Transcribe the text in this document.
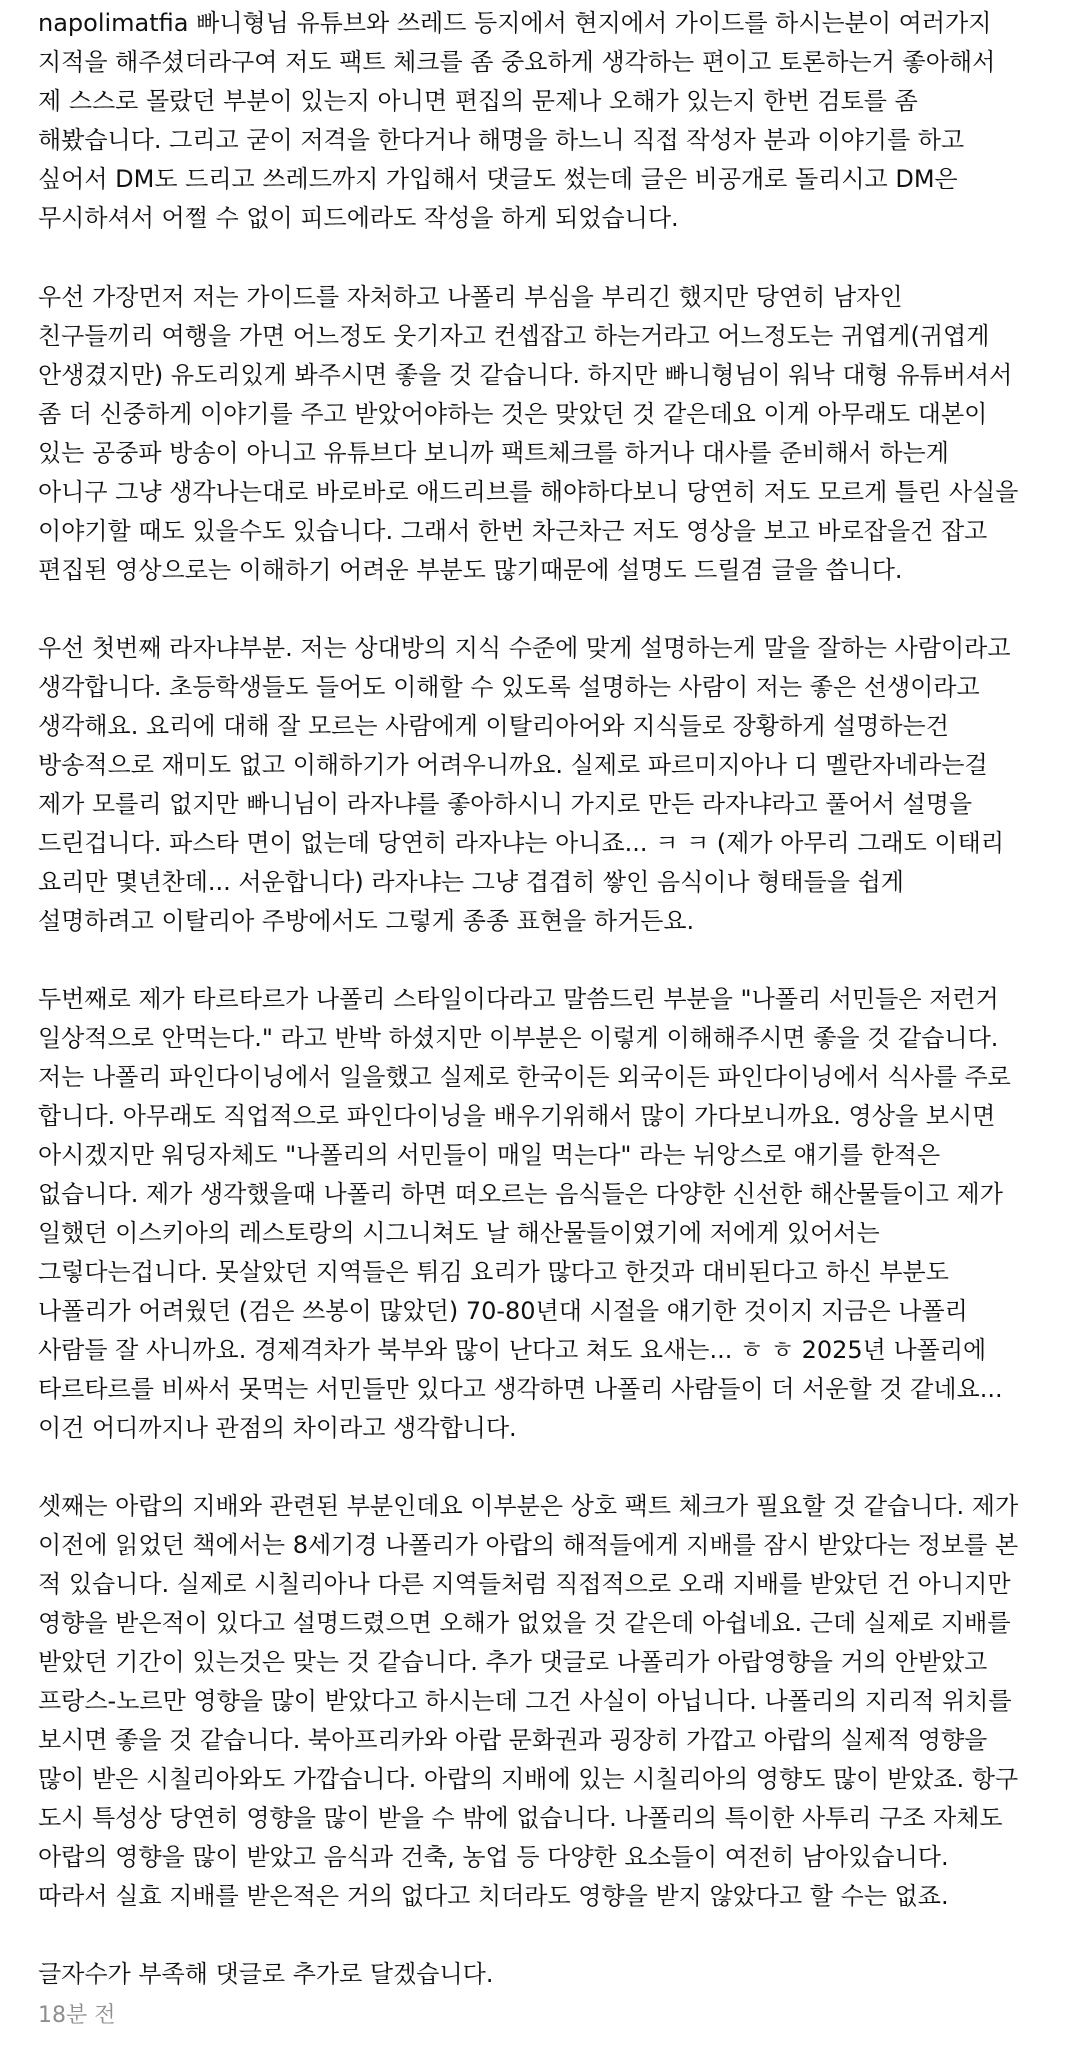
napolimatfia 빠니형님 유튜브와 쓰레드 등지에서 현지에서 가이드를 하시는분이 여러가지
지적을 해주셨더라구여 저도 팩트 체크를 좀 중요하게 생각하는 편이고 토론하는거 좋아해서
제 스스로 몰랐던 부분이 있는지 아니면 편집의 문제나 오해가 있는지 한번 검토를 좀
해봤습니다. 그리고 굳이 저격을 한다거나 해명을 하느니 직접 작성자 분과 이야기를 하고
싶어서 DM도 드리고 쓰레드까지 가입해서 댓글도 썼는데 글은 비공개로 돌리시고 DM은
무시하셔서 어쩔 수 없이 피드에라도 작성을 하게 되었습니다.
우선 가장먼저 저는 가이드를 자처하고 나폴리 부심을 부리긴 했지만 당연히 남자인
친구들끼리 여행을 가면 어느정도 웃기자고 컨셉잡고 하는거라고 어느정도는 귀엽게(귀엽게
안생겼지만) 유도리있게 봐주시면 좋을 것 같습니다. 하지만 빠니형님이 워낙 대형 유튜버셔서
좀 더 신중하게 이야기를 주고 받았어야하는 것은 맞았던 것 같은데요 이게 아무래도 대본이
있는 공중파 방송이 아니고 유튜브다 보니까 팩트체크를 하거나 대사를 준비해서 하는게
아니구 그냥 생각나는대로 바로바로 애드리브를 해야하다보니 당연히 저도 모르게 틀린 사실을
이야기할 때도 있을수도 있습니다. 그래서 한번 차근차근 저도 영상을 보고 바로잡을건 잡고
편집된 영상으로는 이해하기 어려운 부분도 많기때문에 설명도 드릴겸 글을 씁니다.
우선 첫번째 라자냐부분. 저는 상대방의 지식 수준에 맞게 설명하는게 말을 잘하는 사람이라고
생각합니다. 초등학생들도 들어도 이해할 수 있도록 설명하는 사람이 저는 좋은 선생이라고
생각해요. 요리에 대해 잘 모르는 사람에게 이탈리아어와 지식들로 장황하게 설명하는건
방송적으로 재미도 없고 이해하기가 어려우니까요. 실제로 파르미지아나 디 멜란자네라는걸
제가 모를리 없지만 빠니님이 라자냐를 좋아하시니 가지로 만든 라자냐라고 풀어서 설명을
드린겁니다. 파스타 면이 없는데 당연히 라자냐는 아니죠... ㅋ ㅋ (제가 아무리 그래도 이태리
요리만 몇년찬데... 서운합니다) 라자냐는 그냥 겹겹히 쌓인 음식이나 형태들을 쉽게
설명하려고 이탈리아 주방에서도 그렇게 종종 표현을 하거든요.
두번째로 제가 타르타르가 나폴리 스타일이다라고 말씀드린 부분을 "나폴리 서민들은 저런거
일상적으로 안먹는다." 라고 반박 하셨지만 이부분은 이렇게 이해해주시면 좋을 것 같습니다.
저는 나폴리 파인다이닝에서 일을했고 실제로 한국이든 외국이든 파인다이닝에서 식사를 주로
합니다. 아무래도 직업적으로 파인다이닝을 배우기위해서 많이 가다보니까요. 영상을 보시면
아시겠지만 워딩자체도 "나폴리의 서민들이 매일 먹는다" 라는 뉘앙스로 얘기를 한적은
없습니다. 제가 생각했을때 나폴리 하면 떠오르는 음식들은 다양한 신선한 해산물들이고 제가
일했던 이스키아의 레스토랑의 시그니쳐도 날 해산물들이였기에 저에게 있어서는
그렇다는겁니다. 못살았던 지역들은 튀김 요리가 많다고 한것과 대비된다고 하신 부분도
나폴리가 어려웠던 (검은 쓰봉이 많았던) 70-80년대 시절을 얘기한 것이지 지금은 나폴리
사람들 잘 사니까요. 경제격차가 북부와 많이 난다고 쳐도 요새는... ㅎ ㅎ 2025년 나폴리에
타르타르를 비싸서 못먹는 서민들만 있다고 생각하면 나폴리 사람들이 더 서운할 것 같네요...
이건 어디까지나 관점의 차이라고 생각합니다.
셋째는 아랍의 지배와 관련된 부분인데요 이부분은 상호 팩트 체크가 필요할 것 같습니다. 제가
이전에 읽었던 책에서는 8세기경 나폴리가 아랍의 해적들에게 지배를 잠시 받았다는 정보를 본
적 있습니다. 실제로 시칠리아나 다른 지역들처럼 직접적으로 오래 지배를 받았던 건 아니지만
영향을 받은적이 있다고 설명드렸으면 오해가 없었을 것 같은데 아쉽네요. 근데 실제로 지배를
받았던 기간이 있는것은 맞는 것 같습니다. 추가 댓글로 나폴리가 아랍영향을 거의 안받았고
프랑스-노르만 영향을 많이 받았다고 하시는데 그건 사실이 아닙니다. 나폴리의 지리적 위치를
보시면 좋을 것 같습니다. 북아프리카와 아랍 문화권과 굉장히 가깝고 아랍의 실제적 영향을
많이 받은 시칠리아와도 가깝습니다. 아랍의 지배에 있는 시칠리아의 영향도 많이 받았죠. 항구
도시 특성상 당연히 영향을 많이 받을 수 밖에 없습니다. 나폴리의 특이한 사투리 구조 자체도
아랍의 영향을 많이 받았고 음식과 건축, 농업 등 다양한 요소들이 여전히 남아있습니다.
따라서 실효 지배를 받은적은 거의 없다고 치더라도 영향을 받지 않았다고 할 수는 없죠.
글자수가 부족해 댓글로 추가로 달겠습니다.
18분 전
